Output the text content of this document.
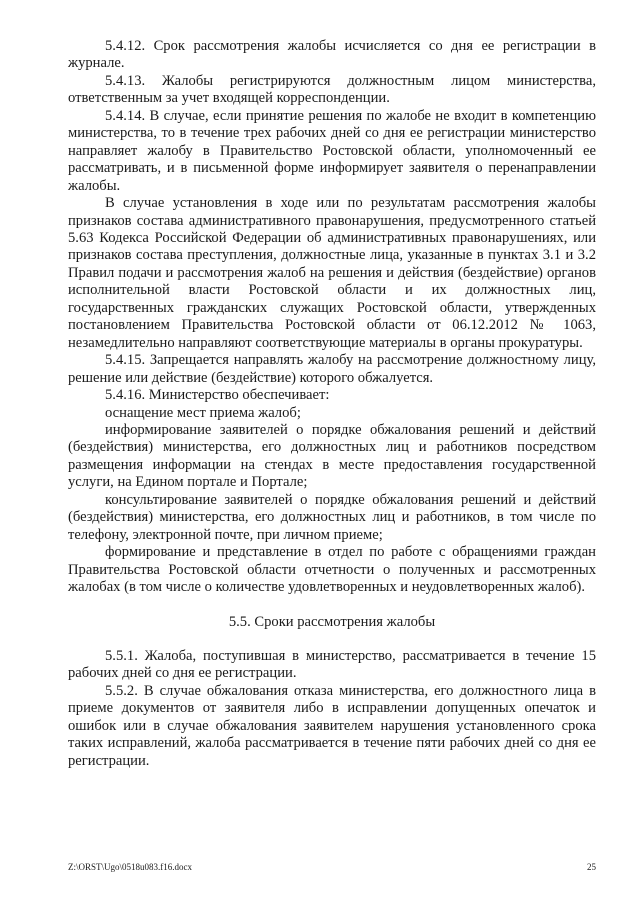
5.4.12. Срок рассмотрения жалобы исчисляется со дня ее регистрации в журнале.

5.4.13. Жалобы регистрируются должностным лицом министерства, ответственным за учет входящей корреспонденции.

5.4.14. В случае, если принятие решения по жалобе не входит в компетенцию министерства, то в течение трех рабочих дней со дня ее регистрации министерство направляет жалобу в Правительство Ростовской области, уполномоченный ее рассматривать, и в письменной форме информирует заявителя о перенаправлении жалобы.

В случае установления в ходе или по результатам рассмотрения жалобы признаков состава административного правонарушения, предусмотренного статьей 5.63 Кодекса Российской Федерации об административных правонарушениях, или признаков состава преступления, должностные лица, указанные в пунктах 3.1 и 3.2 Правил подачи и рассмотрения жалоб на решения и действия (бездействие) органов исполнительной власти Ростовской области и их должностных лиц, государственных гражданских служащих Ростовской области, утвержденных постановлением Правительства Ростовской области от 06.12.2012 № 1063, незамедлительно направляют соответствующие материалы в органы прокуратуры.

5.4.15. Запрещается направлять жалобу на рассмотрение должностному лицу, решение или действие (бездействие) которого обжалуется.

5.4.16. Министерство обеспечивает:

оснащение мест приема жалоб;

информирование заявителей о порядке обжалования решений и действий (бездействия) министерства, его должностных лиц и работников посредством размещения информации на стендах в месте предоставления государственной услуги, на Едином портале и Портале;

консультирование заявителей о порядке обжалования решений и действий (бездействия) министерства, его должностных лиц и работников, в том числе по телефону, электронной почте, при личном приеме;

формирование и представление в отдел по работе с обращениями граждан Правительства Ростовской области отчетности о полученных и рассмотренных жалобах (в том числе о количестве удовлетворенных и неудовлетворенных жалоб).

5.5. Сроки рассмотрения жалобы

5.5.1. Жалоба, поступившая в министерство, рассматривается в течение 15 рабочих дней со дня ее регистрации.

5.5.2. В случае обжалования отказа министерства, его должностного лица в приеме документов от заявителя либо в исправлении допущенных опечаток и ошибок или в случае обжалования заявителем нарушения установленного срока таких исправлений, жалоба рассматривается в течение пяти рабочих дней со дня ее регистрации.

Z:\ORST\Ugo\0518u083.f16.docx	25
